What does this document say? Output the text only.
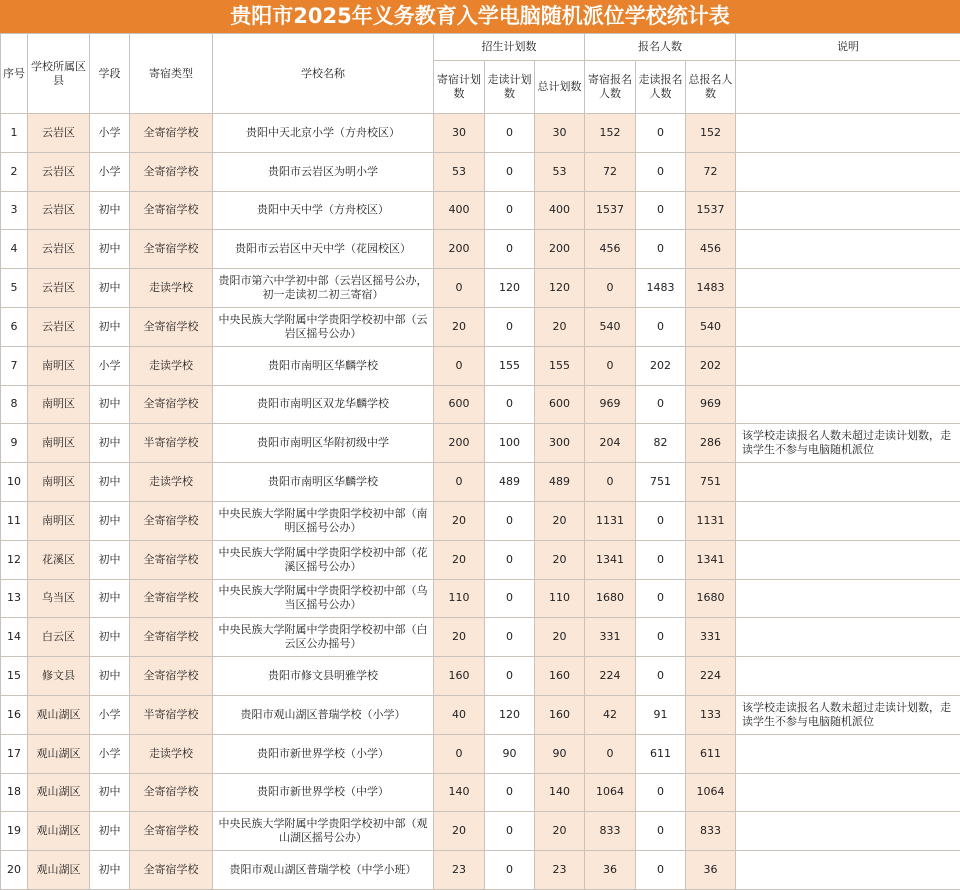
贵阳市2025年义务教育入学电脑随机派位学校统计表
序号	学校所属区县	学段	寄宿类型	学校名称	招生计划数			报名人数			说明
					寄宿计划数	走读计划数	总计划数	寄宿报名人数	走读报名人数	总报名人数	
1	云岩区	小学	全寄宿学校	贵阳中天北京小学（方舟校区）	30	0	30	152	0	152	
2	云岩区	小学	全寄宿学校	贵阳市云岩区为明小学	53	0	53	72	0	72	
3	云岩区	初中	全寄宿学校	贵阳中天中学（方舟校区）	400	0	400	1537	0	1537	
4	云岩区	初中	全寄宿学校	贵阳市云岩区中天中学（花园校区）	200	0	200	456	0	456	
5	云岩区	初中	走读学校	贵阳市第六中学初中部（云岩区摇号公办，初一走读初二初三寄宿）	0	120	120	0	1483	1483	
6	云岩区	初中	全寄宿学校	中央民族大学附属中学贵阳学校初中部（云岩区摇号公办）	20	0	20	540	0	540	
7	南明区	小学	走读学校	贵阳市南明区华麟学校	0	155	155	0	202	202	
8	南明区	初中	全寄宿学校	贵阳市南明区双龙华麟学校	600	0	600	969	0	969	
9	南明区	初中	半寄宿学校	贵阳市南明区华附初级中学	200	100	300	204	82	286	该学校走读报名人数未超过走读计划数，走读学生不参与电脑随机派位
10	南明区	初中	走读学校	贵阳市南明区华麟学校	0	489	489	0	751	751	
11	南明区	初中	全寄宿学校	中央民族大学附属中学贵阳学校初中部（南明区摇号公办）	20	0	20	1131	0	1131	
12	花溪区	初中	全寄宿学校	中央民族大学附属中学贵阳学校初中部（花溪区摇号公办）	20	0	20	1341	0	1341	
13	乌当区	初中	全寄宿学校	中央民族大学附属中学贵阳学校初中部（乌当区摇号公办）	110	0	110	1680	0	1680	
14	白云区	初中	全寄宿学校	中央民族大学附属中学贵阳学校初中部（白云区公办摇号）	20	0	20	331	0	331	
15	修文县	初中	全寄宿学校	贵阳市修文县明雅学校	160	0	160	224	0	224	
16	观山湖区	小学	半寄宿学校	贵阳市观山湖区普瑞学校（小学）	40	120	160	42	91	133	该学校走读报名人数未超过走读计划数，走读学生不参与电脑随机派位
17	观山湖区	小学	走读学校	贵阳市新世界学校（小学）	0	90	90	0	611	611	
18	观山湖区	初中	全寄宿学校	贵阳市新世界学校（中学）	140	0	140	1064	0	1064	
19	观山湖区	初中	全寄宿学校	中央民族大学附属中学贵阳学校初中部（观山湖区摇号公办）	20	0	20	833	0	833	
20	观山湖区	初中	全寄宿学校	贵阳市观山湖区普瑞学校（中学小班）	23	0	23	36	0	36	
